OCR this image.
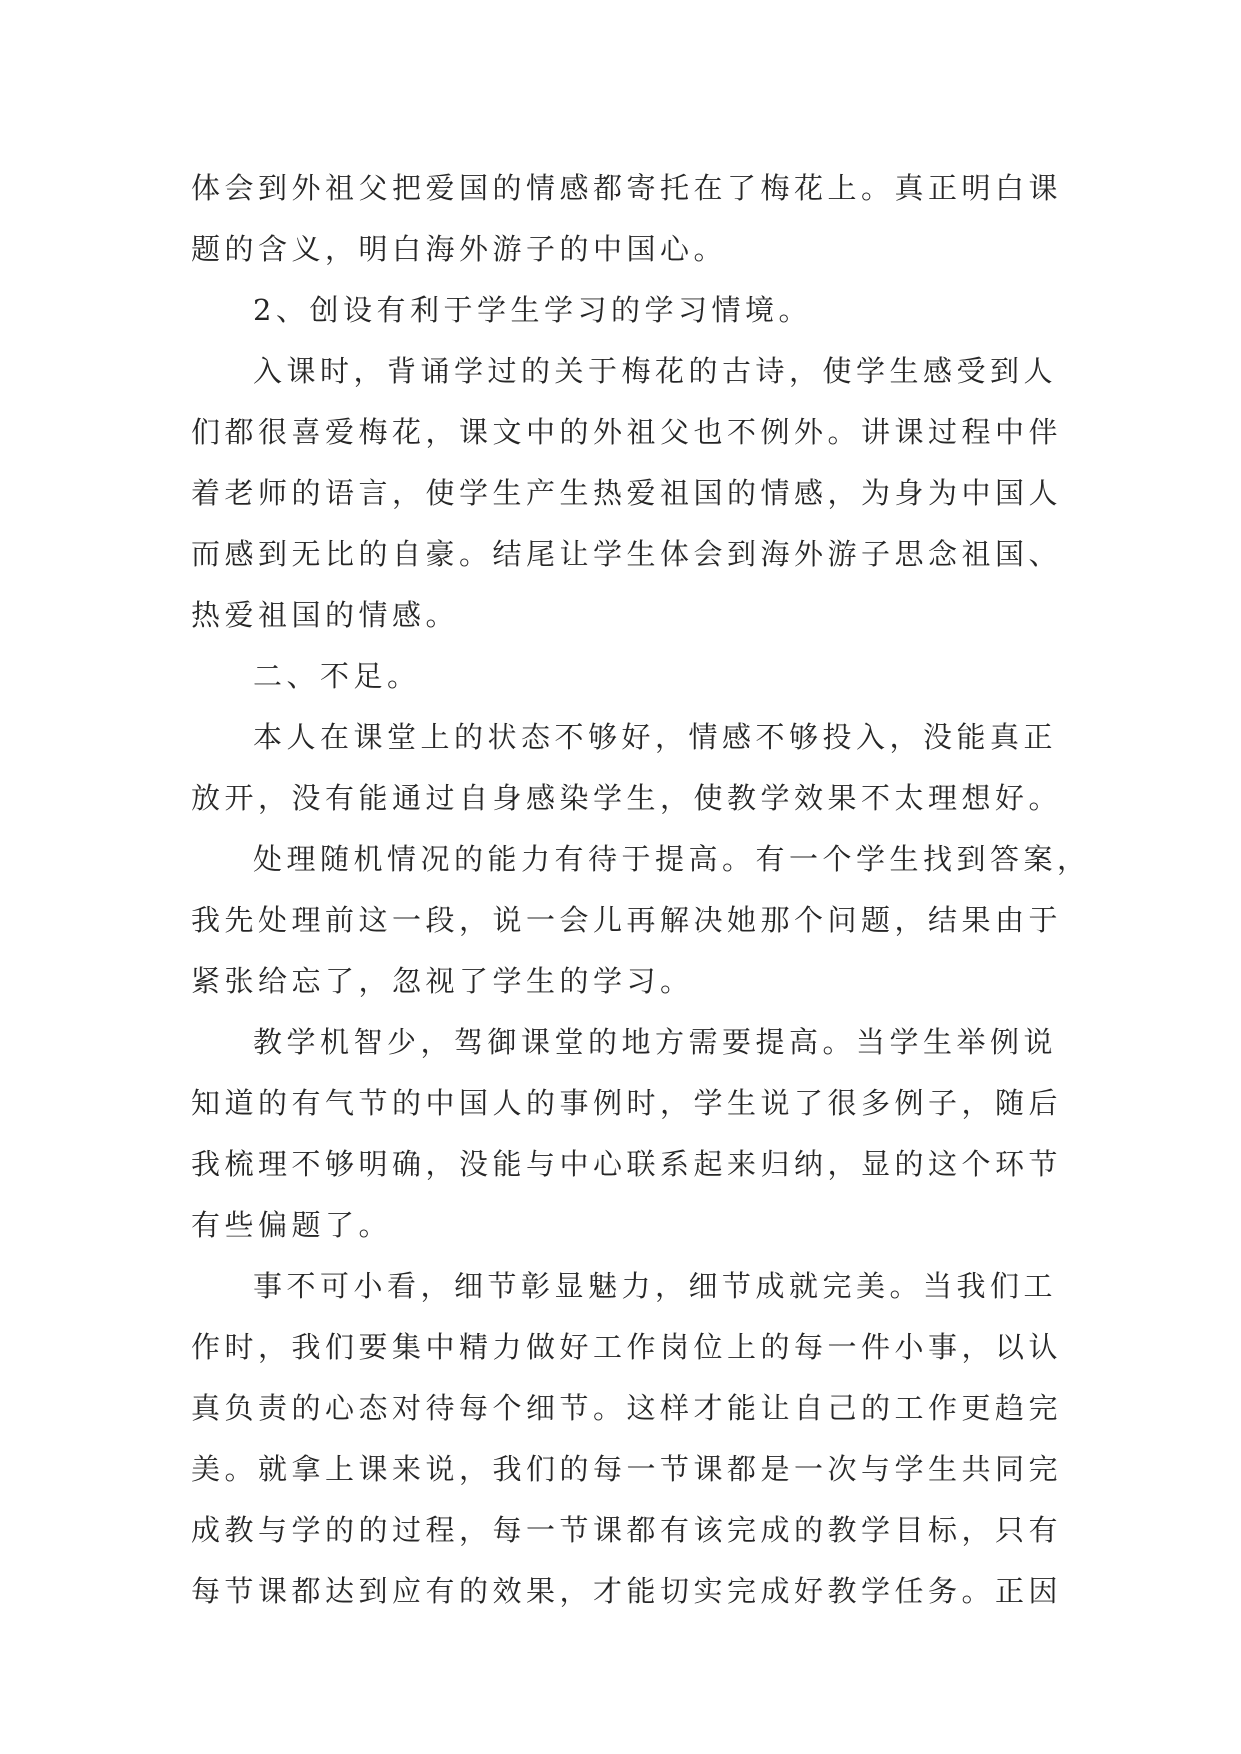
体会到外祖父把爱国的情感都寄托在了梅花上。真正明白课
题的含义，明白海外游子的中国心。
2、创设有利于学生学习的学习情境。
入课时，背诵学过的关于梅花的古诗，使学生感受到人
们都很喜爱梅花，课文中的外祖父也不例外。讲课过程中伴
着老师的语言，使学生产生热爱祖国的情感，为身为中国人
而感到无比的自豪。结尾让学生体会到海外游子思念祖国、
热爱祖国的情感。
二、不足。
本人在课堂上的状态不够好，情感不够投入，没能真正
放开，没有能通过自身感染学生，使教学效果不太理想好。
处理随机情况的能力有待于提高。有一个学生找到答案，
我先处理前这一段，说一会儿再解决她那个问题，结果由于
紧张给忘了，忽视了学生的学习。
教学机智少，驾御课堂的地方需要提高。当学生举例说
知道的有气节的中国人的事例时，学生说了很多例子，随后
我梳理不够明确，没能与中心联系起来归纳，显的这个环节
有些偏题了。
事不可小看，细节彰显魅力，细节成就完美。当我们工
作时，我们要集中精力做好工作岗位上的每一件小事，以认
真负责的心态对待每个细节。这样才能让自己的工作更趋完
美。就拿上课来说，我们的每一节课都是一次与学生共同完
成教与学的的过程，每一节课都有该完成的教学目标，只有
每节课都达到应有的效果，才能切实完成好教学任务。正因
